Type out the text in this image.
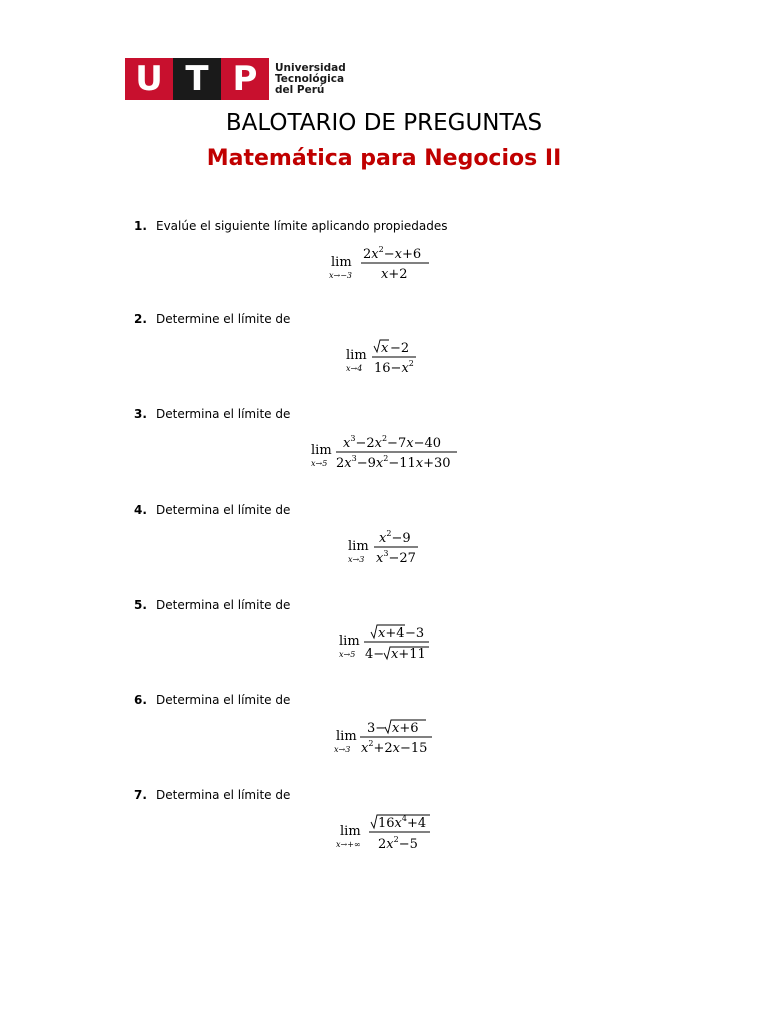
U T P	Universidad
Tecnológica
del Perú
BALOTARIO DE PREGUNTAS
Matemática para Negocios II
1. Evalúe el siguiente límite aplicando propiedades
lim
x→−3
$2x^2-x+6$
x+2
2. Determine el límite de
lim
x→4
x −2
$16-x^2$
3. Determina el límite de
lim
x→5
$x^3-2x^2-7x-40$
$2x^3-9x^2-11x+30$
4. Determina el límite de
lim
x→3
$x^2-9$
$x^3-27$
5. Determina el límite de
lim
x→5
x+4 −3
4− x+11
6. Determina el límite de
lim
x→3
3− x+6
$x^2+2x-15$
7. Determina el límite de
lim
x→+∞
$16x^4+4$
$2x^2-5$
